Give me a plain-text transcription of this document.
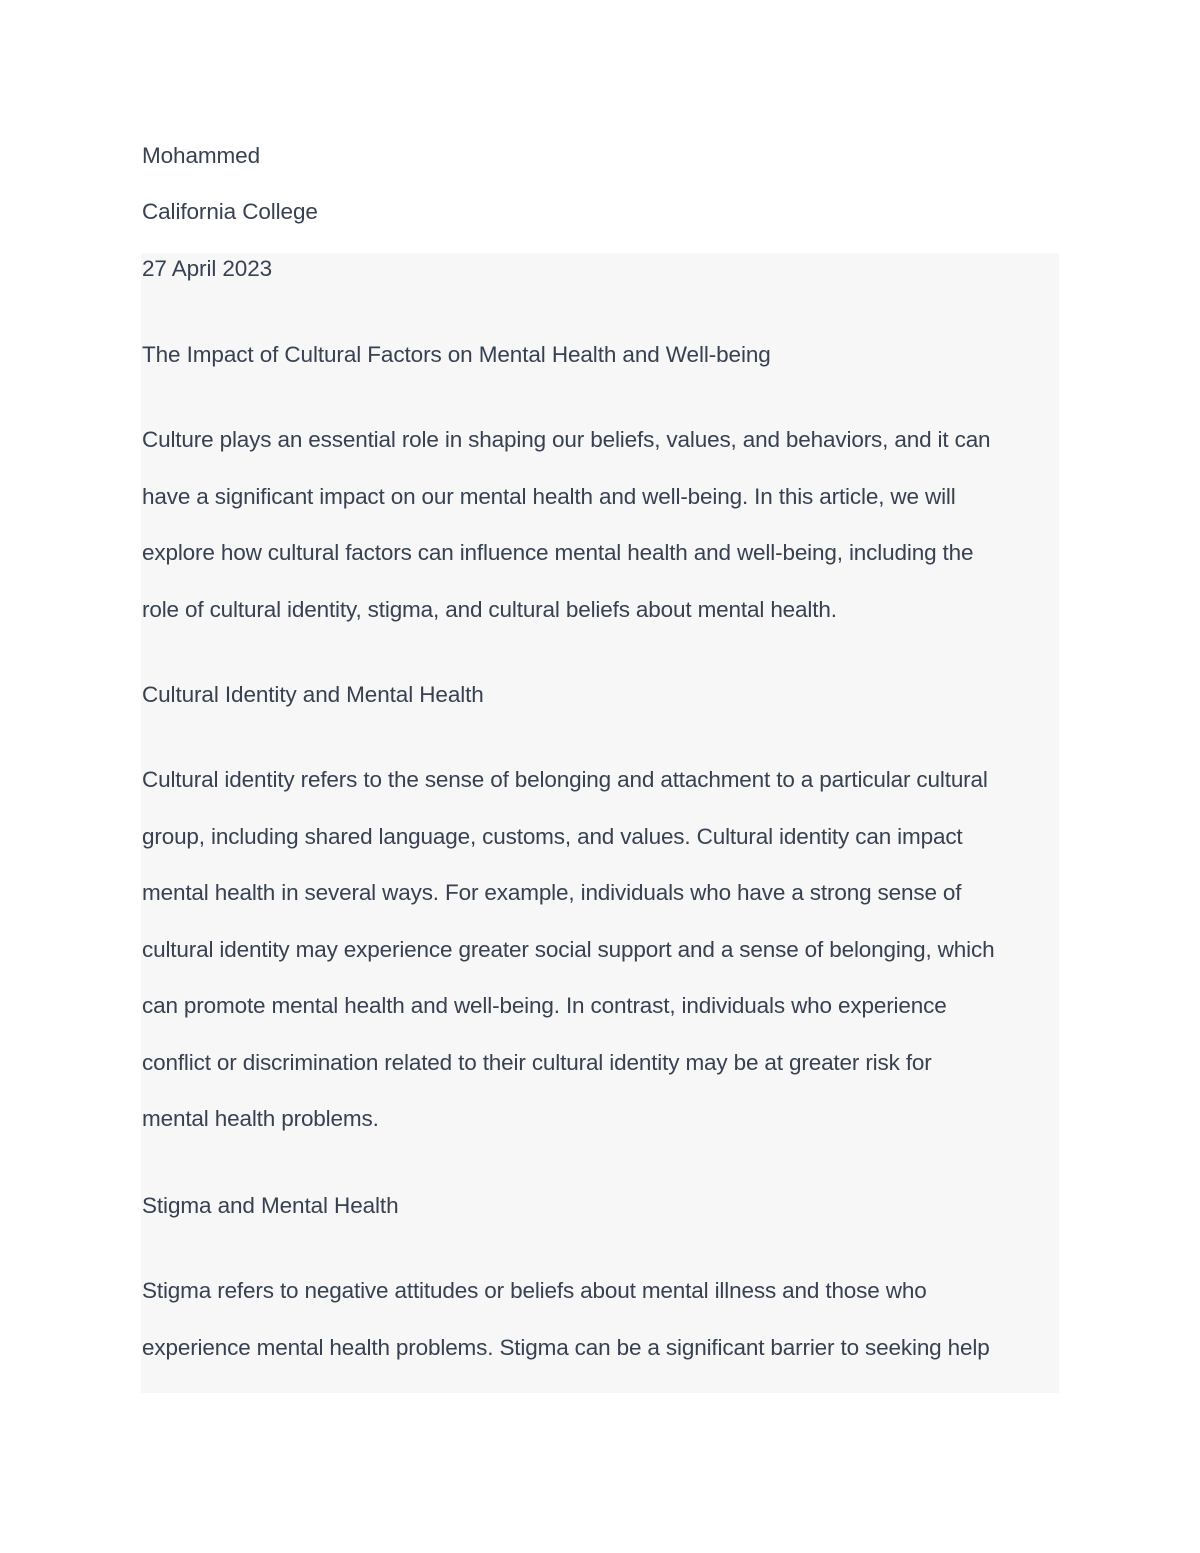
Mohammed
California College
27 April 2023
The Impact of Cultural Factors on Mental Health and Well-being
Culture plays an essential role in shaping our beliefs, values, and behaviors, and it can
have a significant impact on our mental health and well-being. In this article, we will
explore how cultural factors can influence mental health and well-being, including the
role of cultural identity, stigma, and cultural beliefs about mental health.
Cultural Identity and Mental Health
Cultural identity refers to the sense of belonging and attachment to a particular cultural
group, including shared language, customs, and values. Cultural identity can impact
mental health in several ways. For example, individuals who have a strong sense of
cultural identity may experience greater social support and a sense of belonging, which
can promote mental health and well-being. In contrast, individuals who experience
conflict or discrimination related to their cultural identity may be at greater risk for
mental health problems.
Stigma and Mental Health
Stigma refers to negative attitudes or beliefs about mental illness and those who
experience mental health problems. Stigma can be a significant barrier to seeking help
